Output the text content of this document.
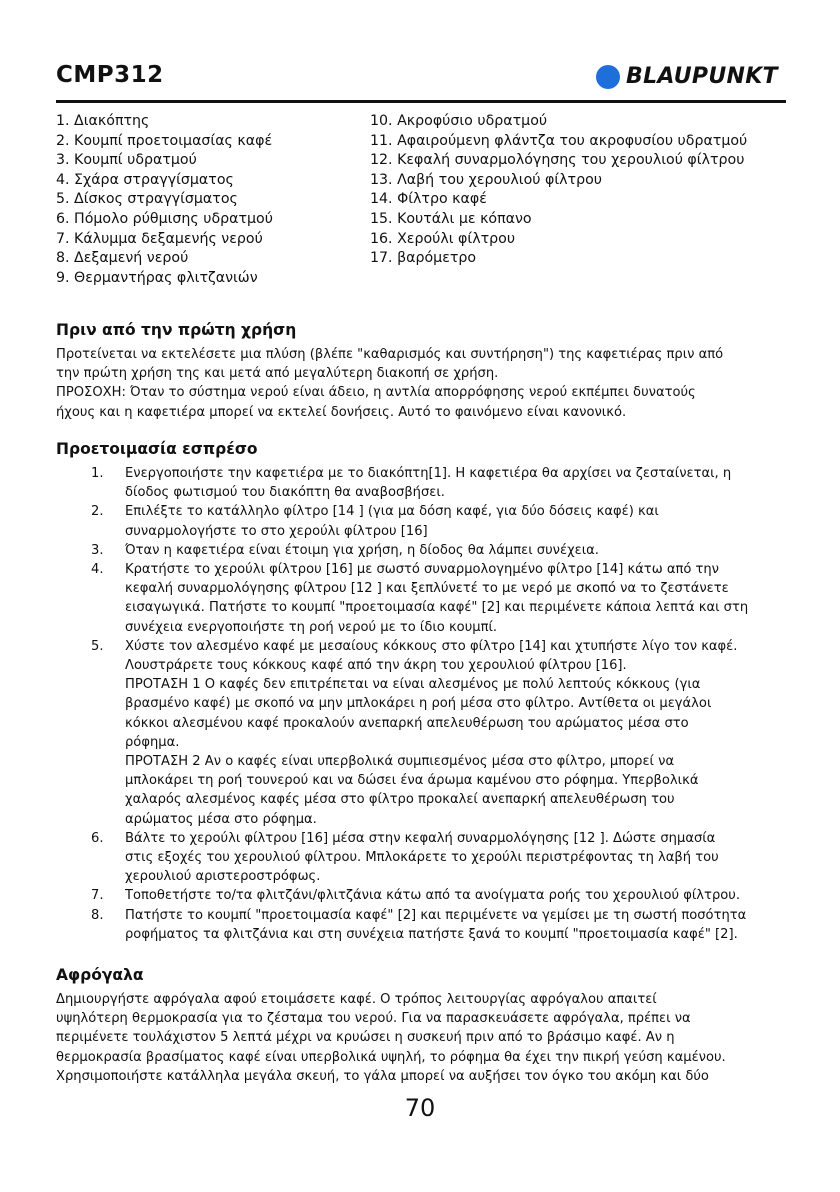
CMP312	BLAUPUNKT
1. Διακόπτης
2. Κουμπί προετοιμασίας καφέ
3. Κουμπί υδρατμού
4. Σχάρα στραγγίσματος
5. Δίσκος στραγγίσματος
6. Πόμολο ρύθμισης υδρατμού
7. Κάλυμμα δεξαμενής νερού
8. Δεξαμενή νερού
9. Θερμαντήρας φλιτζανιών
10. Ακροφύσιο υδρατμού
11. Αφαιρούμενη φλάντζα του ακροφυσίου υδρατμού
12. Κεφαλή συναρμολόγησης του χερουλιού φίλτρου
13. Λαβή του χερουλιού φίλτρου
14. Φίλτρο καφέ
15. Κουτάλι με κόπανο
16. Χερούλι φίλτρου
17. βαρόμετρο
Πριν από την πρώτη χρήση
Προτείνεται να εκτελέσετε μια πλύση (βλέπε "καθαρισμός και συντήρηση") της καφετιέρας πριν από
την πρώτη χρήση της και μετά από μεγαλύτερη διακοπή σε χρήση.
ΠΡΟΣΟΧΗ: Όταν το σύστημα νερού είναι άδειο, η αντλία απορρόφησης νερού εκπέμπει δυνατούς
ήχους και η καφετιέρα μπορεί να εκτελεί δονήσεις. Αυτό το φαινόμενο είναι κανονικό.
Προετοιμασία εσπρέσο
1.	Ενεργοποιήστε την καφετιέρα με το διακόπτη[1]. Η καφετιέρα θα αρχίσει να ζεσταίνεται, η
δίοδος φωτισμού του διακόπτη θα αναβοσβήσει.
2.	Επιλέξτε το κατάλληλο φίλτρο [14 ] (για μα δόση καφέ, για δύο δόσεις καφέ) και
συναρμολογήστε το στο χερούλι φίλτρου [16]
3.	Όταν η καφετιέρα είναι έτοιμη για χρήση, η δίοδος θα λάμπει συνέχεια.
4.	Κρατήστε το χερούλι φίλτρου [16] με σωστό συναρμολογημένο φίλτρο [14] κάτω από την
κεφαλή συναρμολόγησης φίλτρου [12 ] και ξεπλύνετέ το με νερό με σκοπό να το ζεστάνετε
εισαγωγικά. Πατήστε το κουμπί "προετοιμασία καφέ" [2] και περιμένετε κάποια λεπτά και στη
συνέχεια ενεργοποιήστε τη ροή νερού με το ίδιο κουμπί.
5.	Χύστε τον αλεσμένο καφέ με μεσαίους κόκκους στο φίλτρο [14] και χτυπήστε λίγο τον καφέ.
Λουστράρετε τους κόκκους καφέ από την άκρη του χερουλιού φίλτρου [16].
ΠΡΟΤΑΣΗ 1 Ο καφές δεν επιτρέπεται να είναι αλεσμένος με πολύ λεπτούς κόκκους (για
βρασμένο καφέ) με σκοπό να μην μπλοκάρει η ροή μέσα στο φίλτρο. Αντίθετα οι μεγάλοι
κόκκοι αλεσμένου καφέ προκαλούν ανεπαρκή απελευθέρωση του αρώματος μέσα στο
ρόφημα.
ΠΡΟΤΑΣΗ 2 Αν ο καφές είναι υπερβολικά συμπιεσμένος μέσα στο φίλτρο, μπορεί να
μπλοκάρει τη ροή τουνερού και να δώσει ένα άρωμα καμένου στο ρόφημα. Υπερβολικά
χαλαρός αλεσμένος καφές μέσα στο φίλτρο προκαλεί ανεπαρκή απελευθέρωση του
αρώματος μέσα στο ρόφημα.
6.	Βάλτε το χερούλι φίλτρου [16] μέσα στην κεφαλή συναρμολόγησης [12 ]. Δώστε σημασία
στις εξοχές του χερουλιού φίλτρου. Μπλοκάρετε το χερούλι περιστρέφοντας τη λαβή του
χερουλιού αριστεροστρόφως.
7.	Τοποθετήστε το/τα φλιτζάνι/φλιτζάνια κάτω από τα ανοίγματα ροής του χερουλιού φίλτρου.
8.	Πατήστε το κουμπί "προετοιμασία καφέ" [2] και περιμένετε να γεμίσει με τη σωστή ποσότητα
ροφήματος τα φλιτζάνια και στη συνέχεια πατήστε ξανά το κουμπί "προετοιμασία καφέ" [2].
Αφρόγαλα
Δημιουργήστε αφρόγαλα αφού ετοιμάσετε καφέ. Ο τρόπος λειτουργίας αφρόγαλου απαιτεί
υψηλότερη θερμοκρασία για το ζέσταμα του νερού. Για να παρασκευάσετε αφρόγαλα, πρέπει να
περιμένετε τουλάχιστον 5 λεπτά μέχρι να κρυώσει η συσκευή πριν από το βράσιμο καφέ. Αν η
θερμοκρασία βρασίματος καφέ είναι υπερβολικά υψηλή, το ρόφημα θα έχει την πικρή γεύση καμένου.
Χρησιμοποιήστε κατάλληλα μεγάλα σκευή, το γάλα μπορεί να αυξήσει τον όγκο του ακόμη και δύο
70
